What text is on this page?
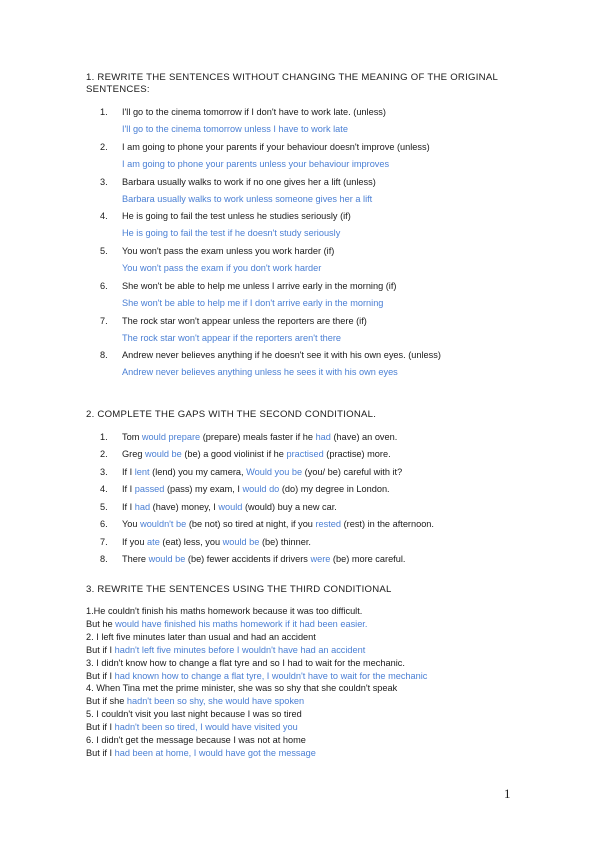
1. REWRITE THE SENTENCES WITHOUT CHANGING THE MEANING OF THE ORIGINAL SENTENCES:
1. I'll go to the cinema tomorrow if I don't have to work late. (unless)
I'll go to the cinema tomorrow unless I have to work late
2. I am going to phone your parents if your behaviour doesn't improve (unless)
I am going to phone your parents unless your behaviour improves
3. Barbara usually walks to work if no one gives her a lift (unless)
Barbara usually walks to work unless someone gives her a lift
4. He is going to fail the test unless he studies seriously (if)
He is going to fail the test if he doesn't study seriously
5. You won't pass the exam unless you work harder (if)
You won't pass the exam if you don't work harder
6. She won't be able to help me unless I arrive early in the morning (if)
She won't be able to help me if I don't arrive early in the morning
7. The rock star won't appear unless the reporters are there (if)
The rock star won't appear if the reporters aren't there
8. Andrew never believes anything if he doesn't see it with his own eyes. (unless)
Andrew never believes anything unless he sees it with his own eyes
2. COMPLETE THE GAPS WITH THE SECOND CONDITIONAL.
1. Tom would prepare (prepare) meals faster if he had (have) an oven.
2. Greg would be (be) a good violinist if he practised (practise) more.
3. If I lent (lend) you my camera, Would you be (you/ be) careful with it?
4. If I passed (pass) my exam, I would do (do) my degree in London.
5. If I had (have) money, I would (would) buy a new car.
6. You wouldn't be (be not) so tired at night, if you rested (rest) in the afternoon.
7. If you ate (eat) less, you would be (be) thinner.
8. There would be (be) fewer accidents if drivers were (be) more careful.
3. REWRITE THE SENTENCES USING THE THIRD CONDITIONAL
1.He couldn't finish his maths homework because it was too difficult.
But he would have finished his maths homework if it had been easier.
2. I left five minutes later than usual and had an accident
But if I hadn't left five minutes before I wouldn't have had an accident
3. I didn't know how to change a flat tyre and so I had to wait for the mechanic.
But if I had known how to change a flat tyre, I wouldn't have to wait for the mechanic
4. When Tina met the prime minister, she was so shy that she couldn't speak
But if she hadn't been so shy, she would have spoken
5. I couldn't visit you last night because I was so tired
But if I hadn't been so tired, I would have visited you
6. I didn't get the message because I was not at home
But if I had been at home, I would have got the message
1
